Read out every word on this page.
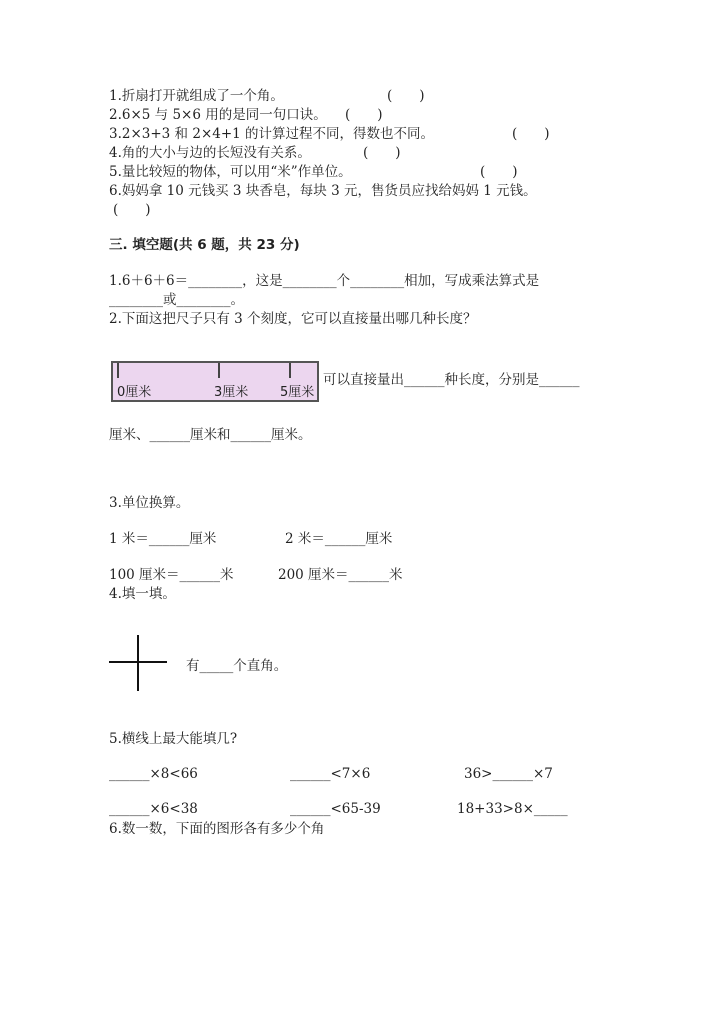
1.折扇打开就组成了一个角。	(　　)
2.6×5 与 5×6 用的是同一句口诀。 (　　)
3.2×3+3 和 2×4+1 的计算过程不同，得数也不同。	(　　)
4.角的大小与边的长短没有关系。	(　　)
5.量比较短的物体，可以用“米”作单位。	(　　)
6.妈妈拿 10 元钱买 3 块香皂，每块 3 元，售货员应找给妈妈 1 元钱。
(　　)
三. 填空题(共 6 题，共 23 分)
1.6＋6＋6＝________，这是________个________相加，写成乘法算式是
________或________。
2.下面这把尺子只有 3 个刻度，它可以直接量出哪几种长度？
0厘米	3厘米 5厘米
可以直接量出______种长度，分别是______
厘米、______厘米和______厘米。
3.单位换算。
1 米＝______厘米	2 米＝______厘米
100 厘米＝______米	200 厘米＝______米
4.填一填。
有_____个直角。
5.横线上最大能填几?
______×8<66	______<7×6	36>______×7
______×6<38	______<65-39	18+33>8×_____
6.数一数，下面的图形各有多少个角
